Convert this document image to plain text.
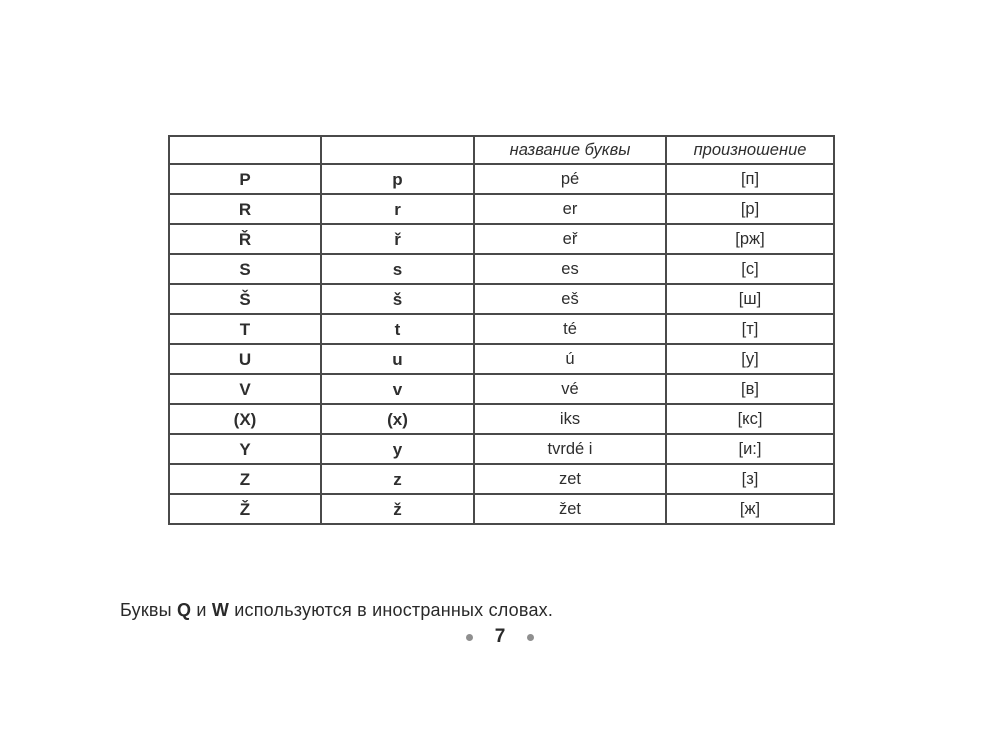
		название буквы	произношение
P	p	pé	[п]
R	r	er	[р]
Ř	ř	eř	[рж]
S	s	es	[с]
Š	š	eš	[ш]
T	t	té	[т]
U	u	ú	[у]
V	v	vé	[в]
(X)	(x)	iks	[кс]
Y	y	tvrdé i	[и:]
Z	z	zet	[з]
Ž	ž	žet	[ж]

Буквы Q и W используются в иностранных словах.

7
